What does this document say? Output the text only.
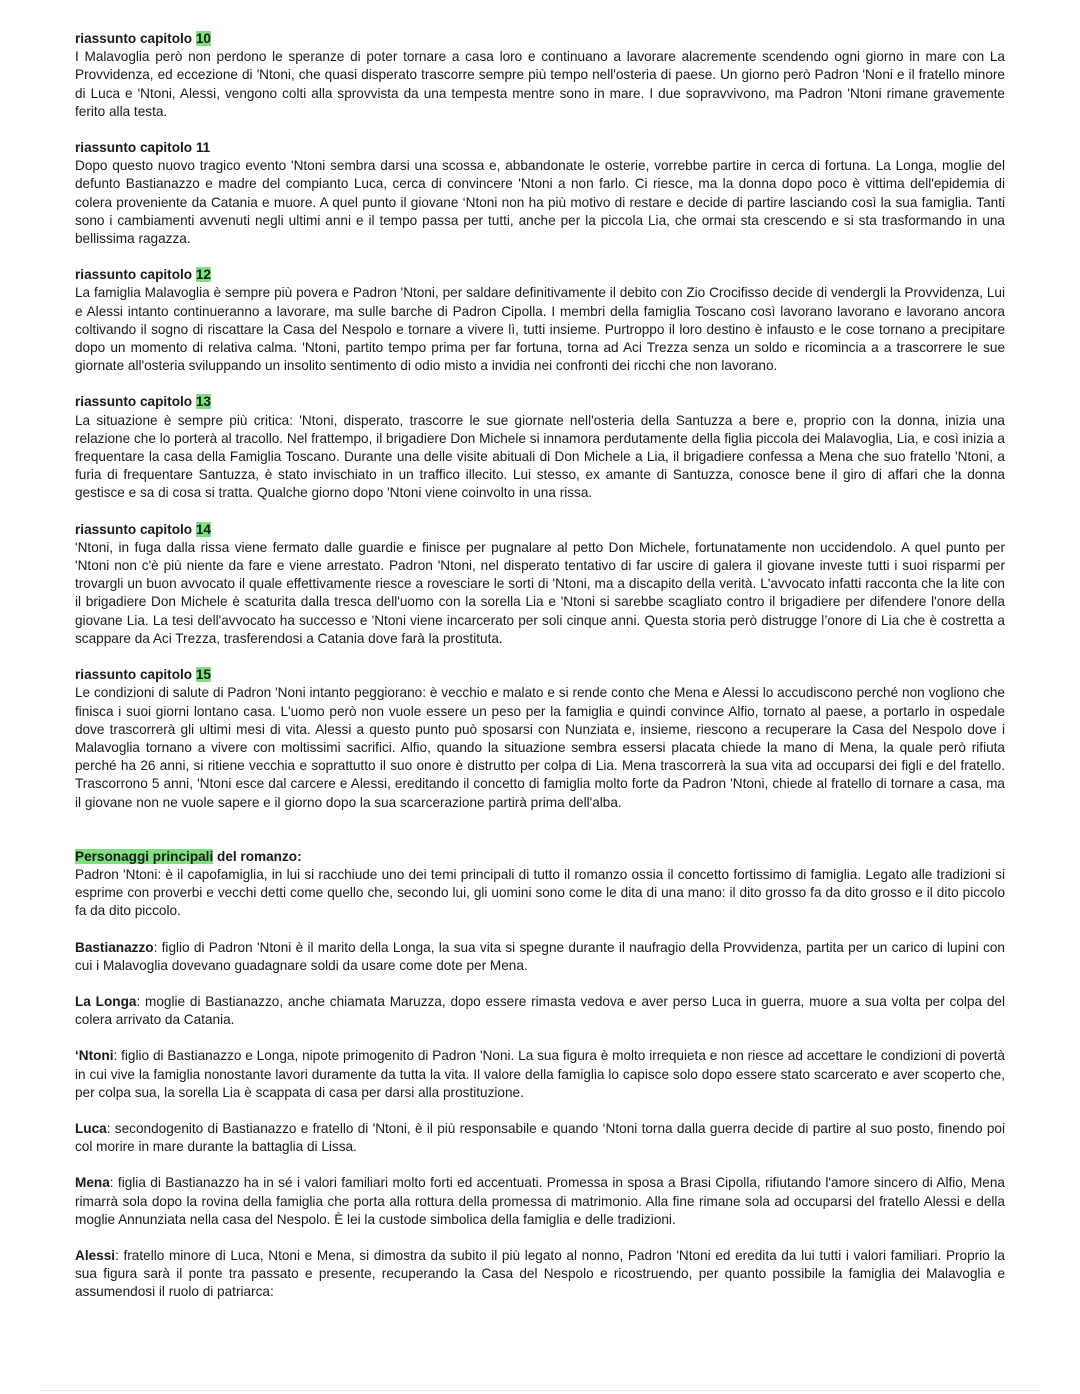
riassunto capitolo 10

I Malavoglia però non perdono le speranze di poter tornare a casa loro e continuano a lavorare alacremente scendendo ogni giorno in mare con La Provvidenza, ed eccezione di 'Ntoni, che quasi disperato trascorre sempre più tempo nell'osteria di paese. Un giorno però Padron 'Noni e il fratello minore di Luca e 'Ntoni, Alessi, vengono colti alla sprovvista da una tempesta mentre sono in mare. I due sopravvivono, ma Padron 'Ntoni rimane gravemente ferito alla testa.

riassunto capitolo 11

Dopo questo nuovo tragico evento 'Ntoni sembra darsi una scossa e, abbandonate le osterie, vorrebbe partire in cerca di fortuna. La Longa, moglie del defunto Bastianazzo e madre del compianto Luca, cerca di convincere 'Ntoni a non farlo. Ci riesce, ma la donna dopo poco è vittima dell'epidemia di colera proveniente da Catania e muore. A quel punto il giovane ‘Ntoni non ha più motivo di restare e decide di partire lasciando così la sua famiglia. Tanti sono i cambiamenti avvenuti negli ultimi anni e il tempo passa per tutti, anche per la piccola Lia, che ormai sta crescendo e si sta trasformando in una bellissima ragazza.

riassunto capitolo 12

La famiglia Malavoglia è sempre più povera e Padron 'Ntoni, per saldare definitivamente il debito con Zio Crocifisso decide di vendergli la Provvidenza, Lui e Alessi intanto continueranno a lavorare, ma sulle barche di Padron Cipolla. I membri della famiglia Toscano così lavorano lavorano e lavorano ancora coltivando il sogno di riscattare la Casa del Nespolo e tornare a vivere lì, tutti insieme. Purtroppo il loro destino è infausto e le cose tornano a precipitare dopo un momento di relativa calma. 'Ntoni, partito tempo prima per far fortuna, torna ad Aci Trezza senza un soldo e ricomincia a a trascorrere le sue giornate all'osteria sviluppando un insolito sentimento di odio misto a invidia nei confronti dei ricchi che non lavorano.

riassunto capitolo 13

La situazione è sempre più critica: 'Ntoni, disperato, trascorre le sue giornate nell'osteria della Santuzza a bere e, proprio con la donna, inizia una relazione che lo porterà al tracollo. Nel frattempo, il brigadiere Don Michele si innamora perdutamente della figlia piccola dei Malavoglia, Lia, e così inizia a frequentare la casa della Famiglia Toscano. Durante una delle visite abituali di Don Michele a Lia, il brigadiere confessa a Mena che suo fratello 'Ntoni, a furia di frequentare Santuzza, è stato invischiato in un traffico illecito. Lui stesso, ex amante di Santuzza, conosce bene il giro di affari che la donna gestisce e sa di cosa si tratta. Qualche giorno dopo 'Ntoni viene coinvolto in una rissa.

riassunto capitolo 14

'Ntoni, in fuga dalla rissa viene fermato dalle guardie e finisce per pugnalare al petto Don Michele, fortunatamente non uccidendolo. A quel punto per 'Ntoni non c'è più niente da fare e viene arrestato. Padron 'Ntoni, nel disperato tentativo di far uscire di galera il giovane investe tutti i suoi risparmi per trovargli un buon avvocato il quale effettivamente riesce a rovesciare le sorti di 'Ntoni, ma a discapito della verità. L'avvocato infatti racconta che la lite con il brigadiere Don Michele è scaturita dalla tresca dell'uomo con la sorella Lia e 'Ntoni si sarebbe scagliato contro il brigadiere per difendere l'onore della giovane Lia. La tesi dell'avvocato ha successo e 'Ntoni viene incarcerato per soli cinque anni. Questa storia però distrugge l’onore di Lia che è costretta a scappare da Aci Trezza, trasferendosi a Catania dove farà la prostituta.

riassunto capitolo 15

Le condizioni di salute di Padron 'Noni intanto peggiorano: è vecchio e malato e si rende conto che Mena e Alessi lo accudiscono perché non vogliono che finisca i suoi giorni lontano casa. L'uomo però non vuole essere un peso per la famiglia e quindi convince Alfio, tornato al paese, a portarlo in ospedale dove trascorrerà gli ultimi mesi di vita. Alessi a questo punto può sposarsi con Nunziata e, insieme, riescono a recuperare la Casa del Nespolo dove i Malavoglia tornano a vivere con moltissimi sacrifici. Alfio, quando la situazione sembra essersi placata chiede la mano di Mena, la quale però rifiuta perché ha 26 anni, si ritiene vecchia e soprattutto il suo onore è distrutto per colpa di Lia. Mena trascorrerà la sua vita ad occuparsi dei figli e del fratello. Trascorrono 5 anni, 'Ntoni esce dal carcere e Alessi, ereditando il concetto di famiglia molto forte da Padron 'Ntoni, chiede al fratello di tornare a casa, ma il giovane non ne vuole sapere e il giorno dopo la sua scarcerazione partirà prima dell'alba.

Personaggi principali del romanzo:

Padron 'Ntoni: è il capofamiglia, in lui si racchiude uno dei temi principali di tutto il romanzo ossia il concetto fortissimo di famiglia. Legato alle tradizioni si esprime con proverbi e vecchi detti come quello che, secondo lui, gli uomini sono come le dita di una mano: il dito grosso fa da dito grosso e il dito piccolo fa da dito piccolo.

Bastianazzo: figlio di Padron 'Ntoni è il marito della Longa, la sua vita si spegne durante il naufragio della Provvidenza, partita per un carico di lupini con cui i Malavoglia dovevano guadagnare soldi da usare come dote per Mena.

La Longa: moglie di Bastianazzo, anche chiamata Maruzza, dopo essere rimasta vedova e aver perso Luca in guerra, muore a sua volta per colpa del colera arrivato da Catania.

‘Ntoni: figlio di Bastianazzo e Longa, nipote primogenito di Padron 'Noni. La sua figura è molto irrequieta e non riesce ad accettare le condizioni di povertà in cui vive la famiglia nonostante lavori duramente da tutta la vita. Il valore della famiglia lo capisce solo dopo essere stato scarcerato e aver scoperto che, per colpa sua, la sorella Lia è scappata di casa per darsi alla prostituzione.

Luca: secondogenito di Bastianazzo e fratello di 'Ntoni, è il più responsabile e quando ‘Ntoni torna dalla guerra decide di partire al suo posto, finendo poi col morire in mare durante la battaglia di Lissa.

Mena: figlia di Bastianazzo ha in sé i valori familiari molto forti ed accentuati. Promessa in sposa a Brasi Cipolla, rifiutando l'amore sincero di Alfio, Mena rimarrà sola dopo la rovina della famiglia che porta alla rottura della promessa di matrimonio. Alla fine rimane sola ad occuparsi del fratello Alessi e della moglie Annunziata nella casa del Nespolo. È lei la custode simbolica della famiglia e delle tradizioni.

Alessi: fratello minore di Luca, Ntoni e Mena, si dimostra da subito il più legato al nonno, Padron 'Ntoni ed eredita da lui tutti i valori familiari. Proprio la sua figura sarà il ponte tra passato e presente, recuperando la Casa del Nespolo e ricostruendo, per quanto possibile la famiglia dei Malavoglia e assumendosi il ruolo di patriarca:
